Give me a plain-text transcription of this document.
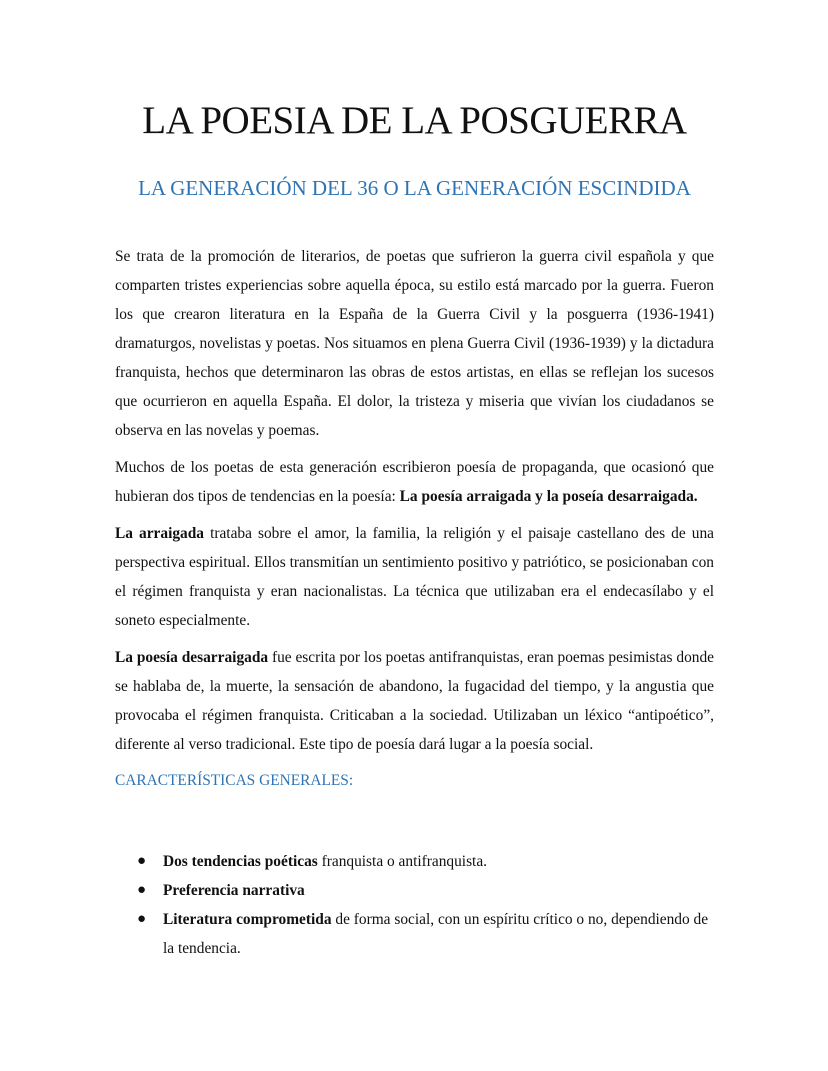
LA POESIA DE LA POSGUERRA
LA GENERACIÓN DEL 36 O LA GENERACIÓN ESCINDIDA

Se trata de la promoción de literarios, de poetas que sufrieron la guerra civil española y que comparten tristes experiencias sobre aquella época, su estilo está marcado por la guerra. Fueron los que crearon literatura en la España de la Guerra Civil y la posguerra (1936-1941) dramaturgos, novelistas y poetas. Nos situamos en plena Guerra Civil (1936-1939) y la dictadura franquista, hechos que determinaron las obras de estos artistas, en ellas se reflejan los sucesos que ocurrieron en aquella España. El dolor, la tristeza y miseria que vivían los ciudadanos se observa en las novelas y poemas.

Muchos de los poetas de esta generación escribieron poesía de propaganda, que ocasionó que hubieran dos tipos de tendencias en la poesía: La poesía arraigada y la poseía desarraigada.

La arraigada trataba sobre el amor, la familia, la religión y el paisaje castellano des de una perspectiva espiritual. Ellos transmitían un sentimiento positivo y patriótico, se posicionaban con el régimen franquista y eran nacionalistas. La técnica que utilizaban era el endecasílabo y el soneto especialmente.

La poesía desarraigada fue escrita por los poetas antifranquistas, eran poemas pesimistas donde se hablaba de, la muerte, la sensación de abandono, la fugacidad del tiempo, y la angustia que provocaba el régimen franquista. Criticaban a la sociedad. Utilizaban un léxico “antipoético”, diferente al verso tradicional. Este tipo de poesía dará lugar a la poesía social.

CARACTERÍSTICAS GENERALES:
● Dos tendencias poéticas franquista o antifranquista.
● Preferencia narrativa
● Literatura comprometida de forma social, con un espíritu crítico o no, dependiendo de la tendencia.
